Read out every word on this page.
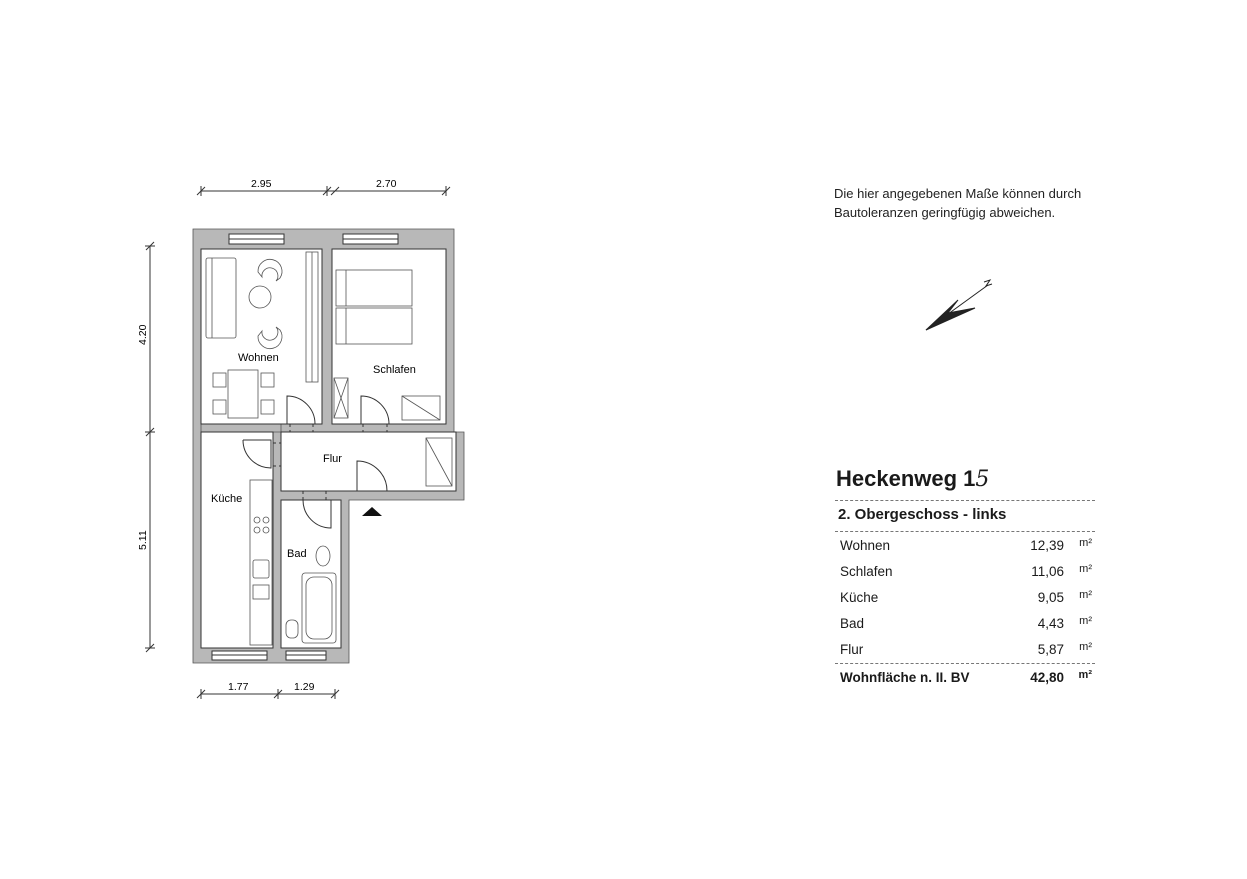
2.95	2.70
4.20
5.11
1.77	1.29
Wohnen
Schlafen
Flur
Küche
Bad
Die hier angegebenen Maße können durch
Bautoleranzen geringfügig abweichen.
Heckenweg 15
2. Obergeschoss - links
Wohnen	12,39 m²
Schlafen	11,06 m²
Küche	9,05 m²
Bad	4,43 m²
Flur	5,87 m²
Wohnfläche n. II. BV	42,80 m²
